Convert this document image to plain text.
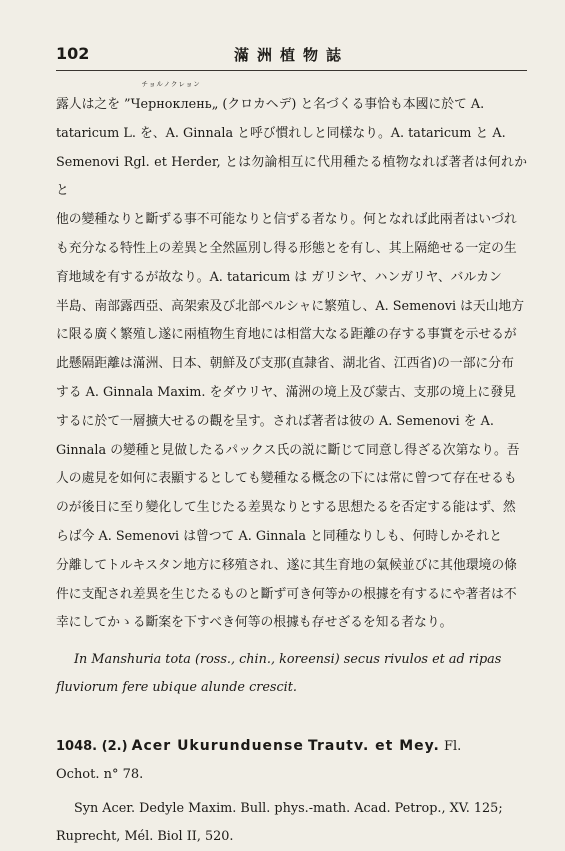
102	滿洲植物誌

露人は之を ”
チョルノクレョン
Черноклень„ (クロカヘデ) と名づくる事恰も本國に於て A.

tataricum L. を、A. Ginnala と呼び慣れしと同樣なり。A. tataricum と A.

Semenovi Rgl. et Herder, とは勿論相互に代用種たる植物なれば著者は何れかと

他の變種なりと斷ずる事不可能なりと信ずる者なり。何となれば此兩者はいづれ

も充分なる特性上の差異と全然區別し得る形態とを有し、其上隔絶せる一定の生

育地域を有するが故なり。A. tataricum は ガリシヤ、ハンガリヤ、バルカン

半島、南部露西亞、高架索及び北部ペルシャに繁殖し、A. Semenovi は天山地方

に限る廣く繁殖し遂に兩植物生育地には相當大なる距離の存する事實を示せるが

此懸隔距離は滿洲、日本、朝鮮及び支那(直隷省、湖北省、江西省)の一部に分布

する A. Ginnala Maxim. をダウリヤ、滿洲の境上及び蒙古、支那の境上に發見

するに於て一層擴大せるの觀を呈す。されば著者は彼の A. Semenovi を A.

Ginnala の變種と見做したるパックス氏の説に斷じて同意し得ざる次第なり。吾

人の處見を如何に表顯するとしても變種なる概念の下には常に曾つて存在せるも

のが後日に至り變化して生じたる差異なりとする思想たるを否定する能はず、然

らば今 A. Semenovi は曾つて A. Ginnala と同種なりしも、何時しかそれと

分離してトルキスタン地方に移殖され、遂に其生育地の氣候並びに其他環境の條

件に支配され差異を生じたるものと斷ず可き何等かの根據を有するにや著者は不

幸にしてかゝる斷案を下すべき何等の根據も存せざるを知る者なり。

In Manshuria tota (ross., chin., koreensi) secus rivulos et ad ripas fluviorum fere ubique alunde crescit.

1048. (2.) Acer Ukurunduense Trautv. et Mey. Fl.

Ochot. n° 78.

Syn Acer. Dedyle Maxim. Bull. phys.-math. Acad. Petrop., XV. 125;

Ruprecht, Mél. Biol II, 520.
